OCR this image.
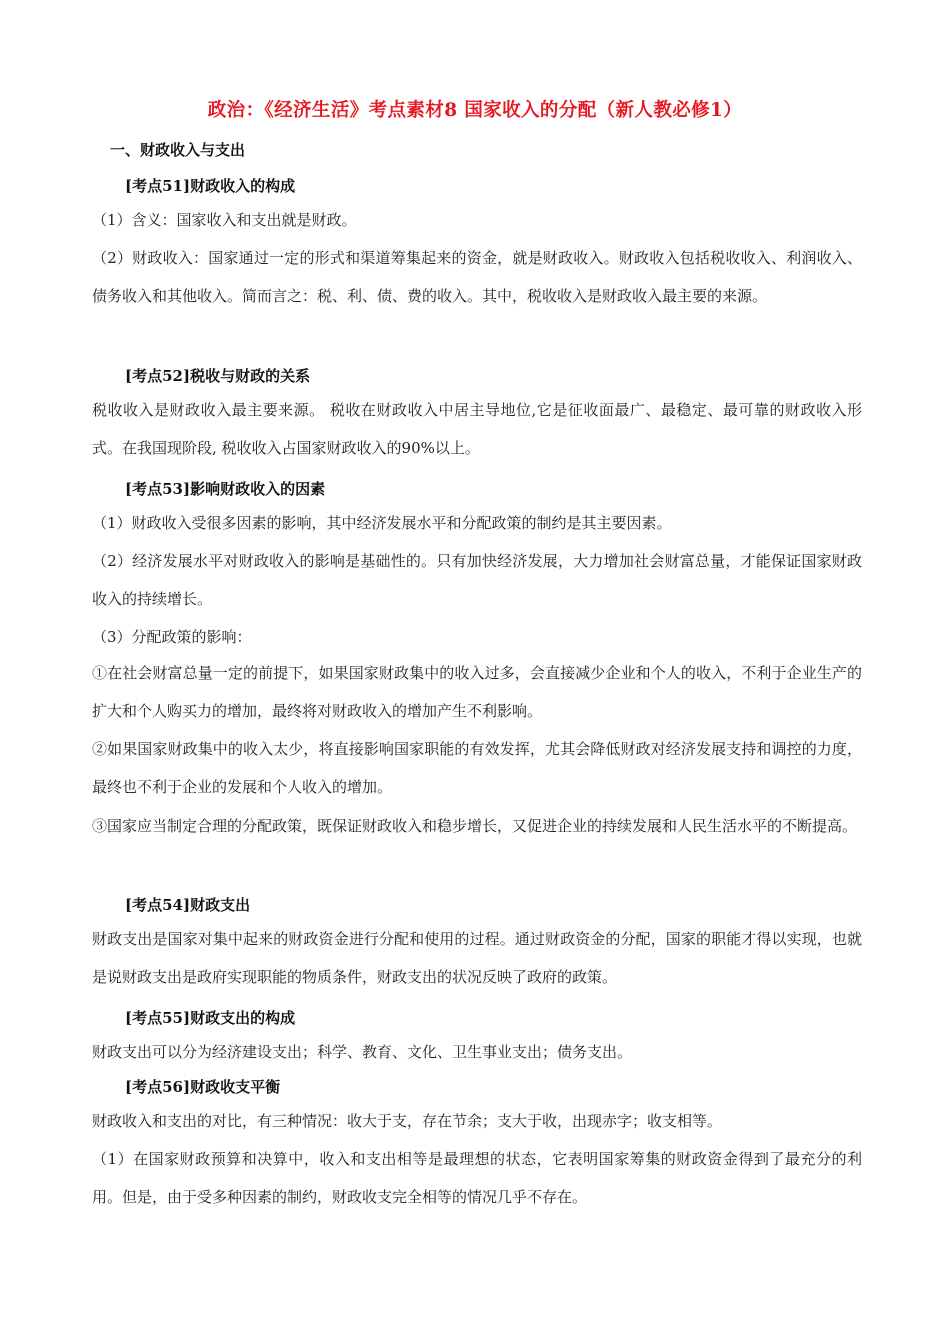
政治：《经济生活》考点素材8 国家收入的分配（新人教必修1）
一、财政收入与支出
[考点51]财政收入的构成
（1）含义：国家收入和支出就是财政。
（2）财政收入：国家通过一定的形式和渠道筹集起来的资金，就是财政收入。财政收入包括税收收入、利润收入、债务收入和其他收入。简而言之：税、利、债、费的收入。其中，税收收入是财政收入最主要的来源。
[考点52]税收与财政的关系
税收收入是财政收入最主要来源。 税收在财政收入中居主导地位,它是征收面最广、最稳定、最可靠的财政收入形式。在我国现阶段, 税收收入占国家财政收入的90%以上。
[考点53]影响财政收入的因素
（1）财政收入受很多因素的影响，其中经济发展水平和分配政策的制约是其主要因素。
（2）经济发展水平对财政收入的影响是基础性的。只有加快经济发展，大力增加社会财富总量，才能保证国家财政收入的持续增长。
（3）分配政策的影响：
①在社会财富总量一定的前提下，如果国家财政集中的收入过多，会直接减少企业和个人的收入，不利于企业生产的扩大和个人购买力的增加，最终将对财政收入的增加产生不利影响。
②如果国家财政集中的收入太少，将直接影响国家职能的有效发挥，尤其会降低财政对经济发展支持和调控的力度，最终也不利于企业的发展和个人收入的增加。
③国家应当制定合理的分配政策，既保证财政收入和稳步增长，又促进企业的持续发展和人民生活水平的不断提高。
[考点54]财政支出
财政支出是国家对集中起来的财政资金进行分配和使用的过程。通过财政资金的分配，国家的职能才得以实现，也就是说财政支出是政府实现职能的物质条件，财政支出的状况反映了政府的政策。
[考点55]财政支出的构成
财政支出可以分为经济建设支出；科学、教育、文化、卫生事业支出；债务支出。
[考点56]财政收支平衡
财政收入和支出的对比，有三种情况：收大于支，存在节余；支大于收，出现赤字；收支相等。
（1）在国家财政预算和决算中，收入和支出相等是最理想的状态，它表明国家筹集的财政资金得到了最充分的利用。但是，由于受多种因素的制约，财政收支完全相等的情况几乎不存在。
